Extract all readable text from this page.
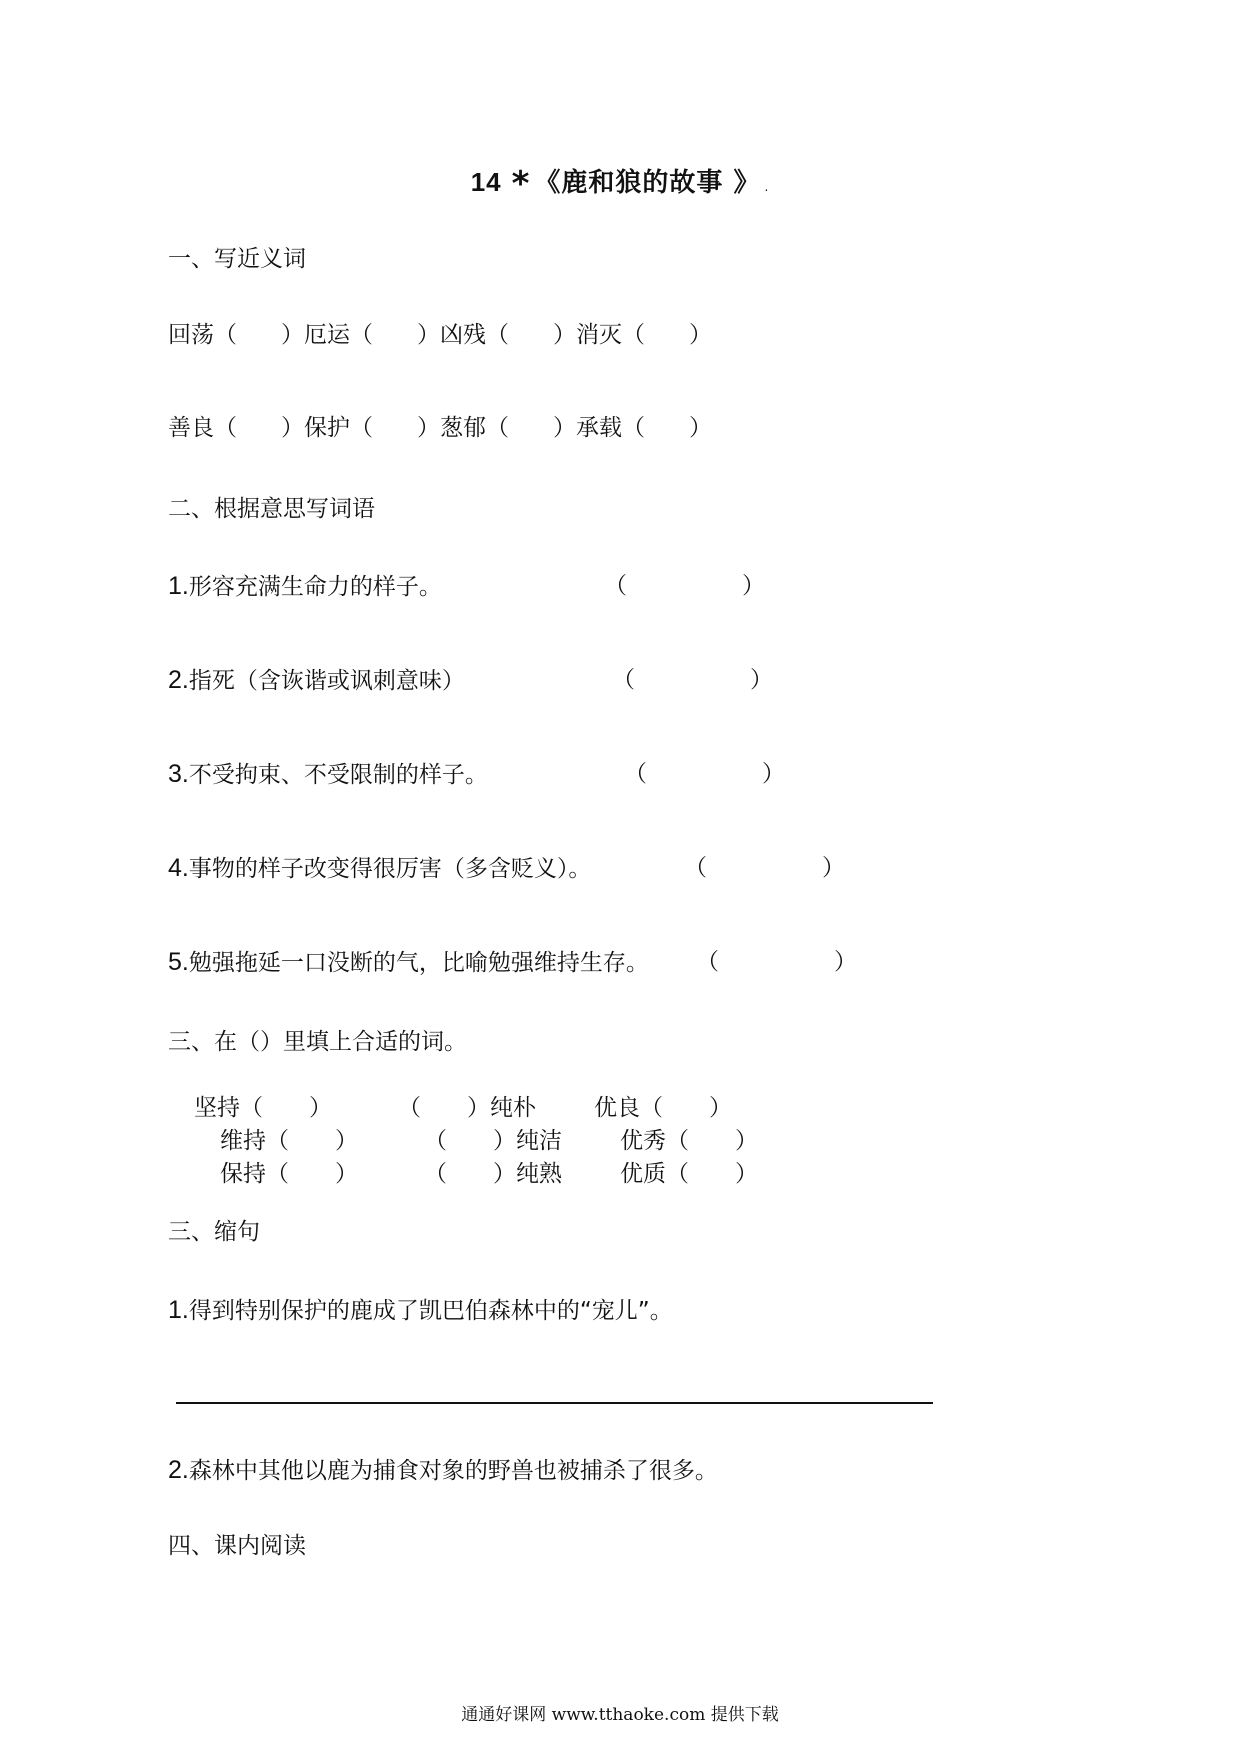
14 * 《鹿和狼的故事 》 .
一、写近义词
回荡（ ）厄运（ ）凶残（ ）消灭（ ）
善良（ ）保护（ ）葱郁（ ）承载（ ）
二、根据意思写词语
1.形容充满生命力的样子。	（　　　　　）
2.指死（含诙谐或讽刺意味）	（　　　　　）
3.不受拘束、不受限制的样子。	（　　　　　）
4.事物的样子改变得很厉害（多含贬义）。	（　　　　　）
5.勉强拖延一口没断的气，比喻勉强维持生存。 （　　　　　）
三、在（）里填上合适的词。
坚持（　　）	（　　）纯朴	优良（　　）
维持（　　）	（　　）纯洁	优秀（　　）
保持（　　）	（　　）纯熟	优质（　　）
三、缩句
1.得到特别保护的鹿成了凯巴伯森林中的“宠儿”。
2.森林中其他以鹿为捕食对象的野兽也被捕杀了很多。
四、课内阅读
通通好课网 www.tthaoke.com 提供下载
